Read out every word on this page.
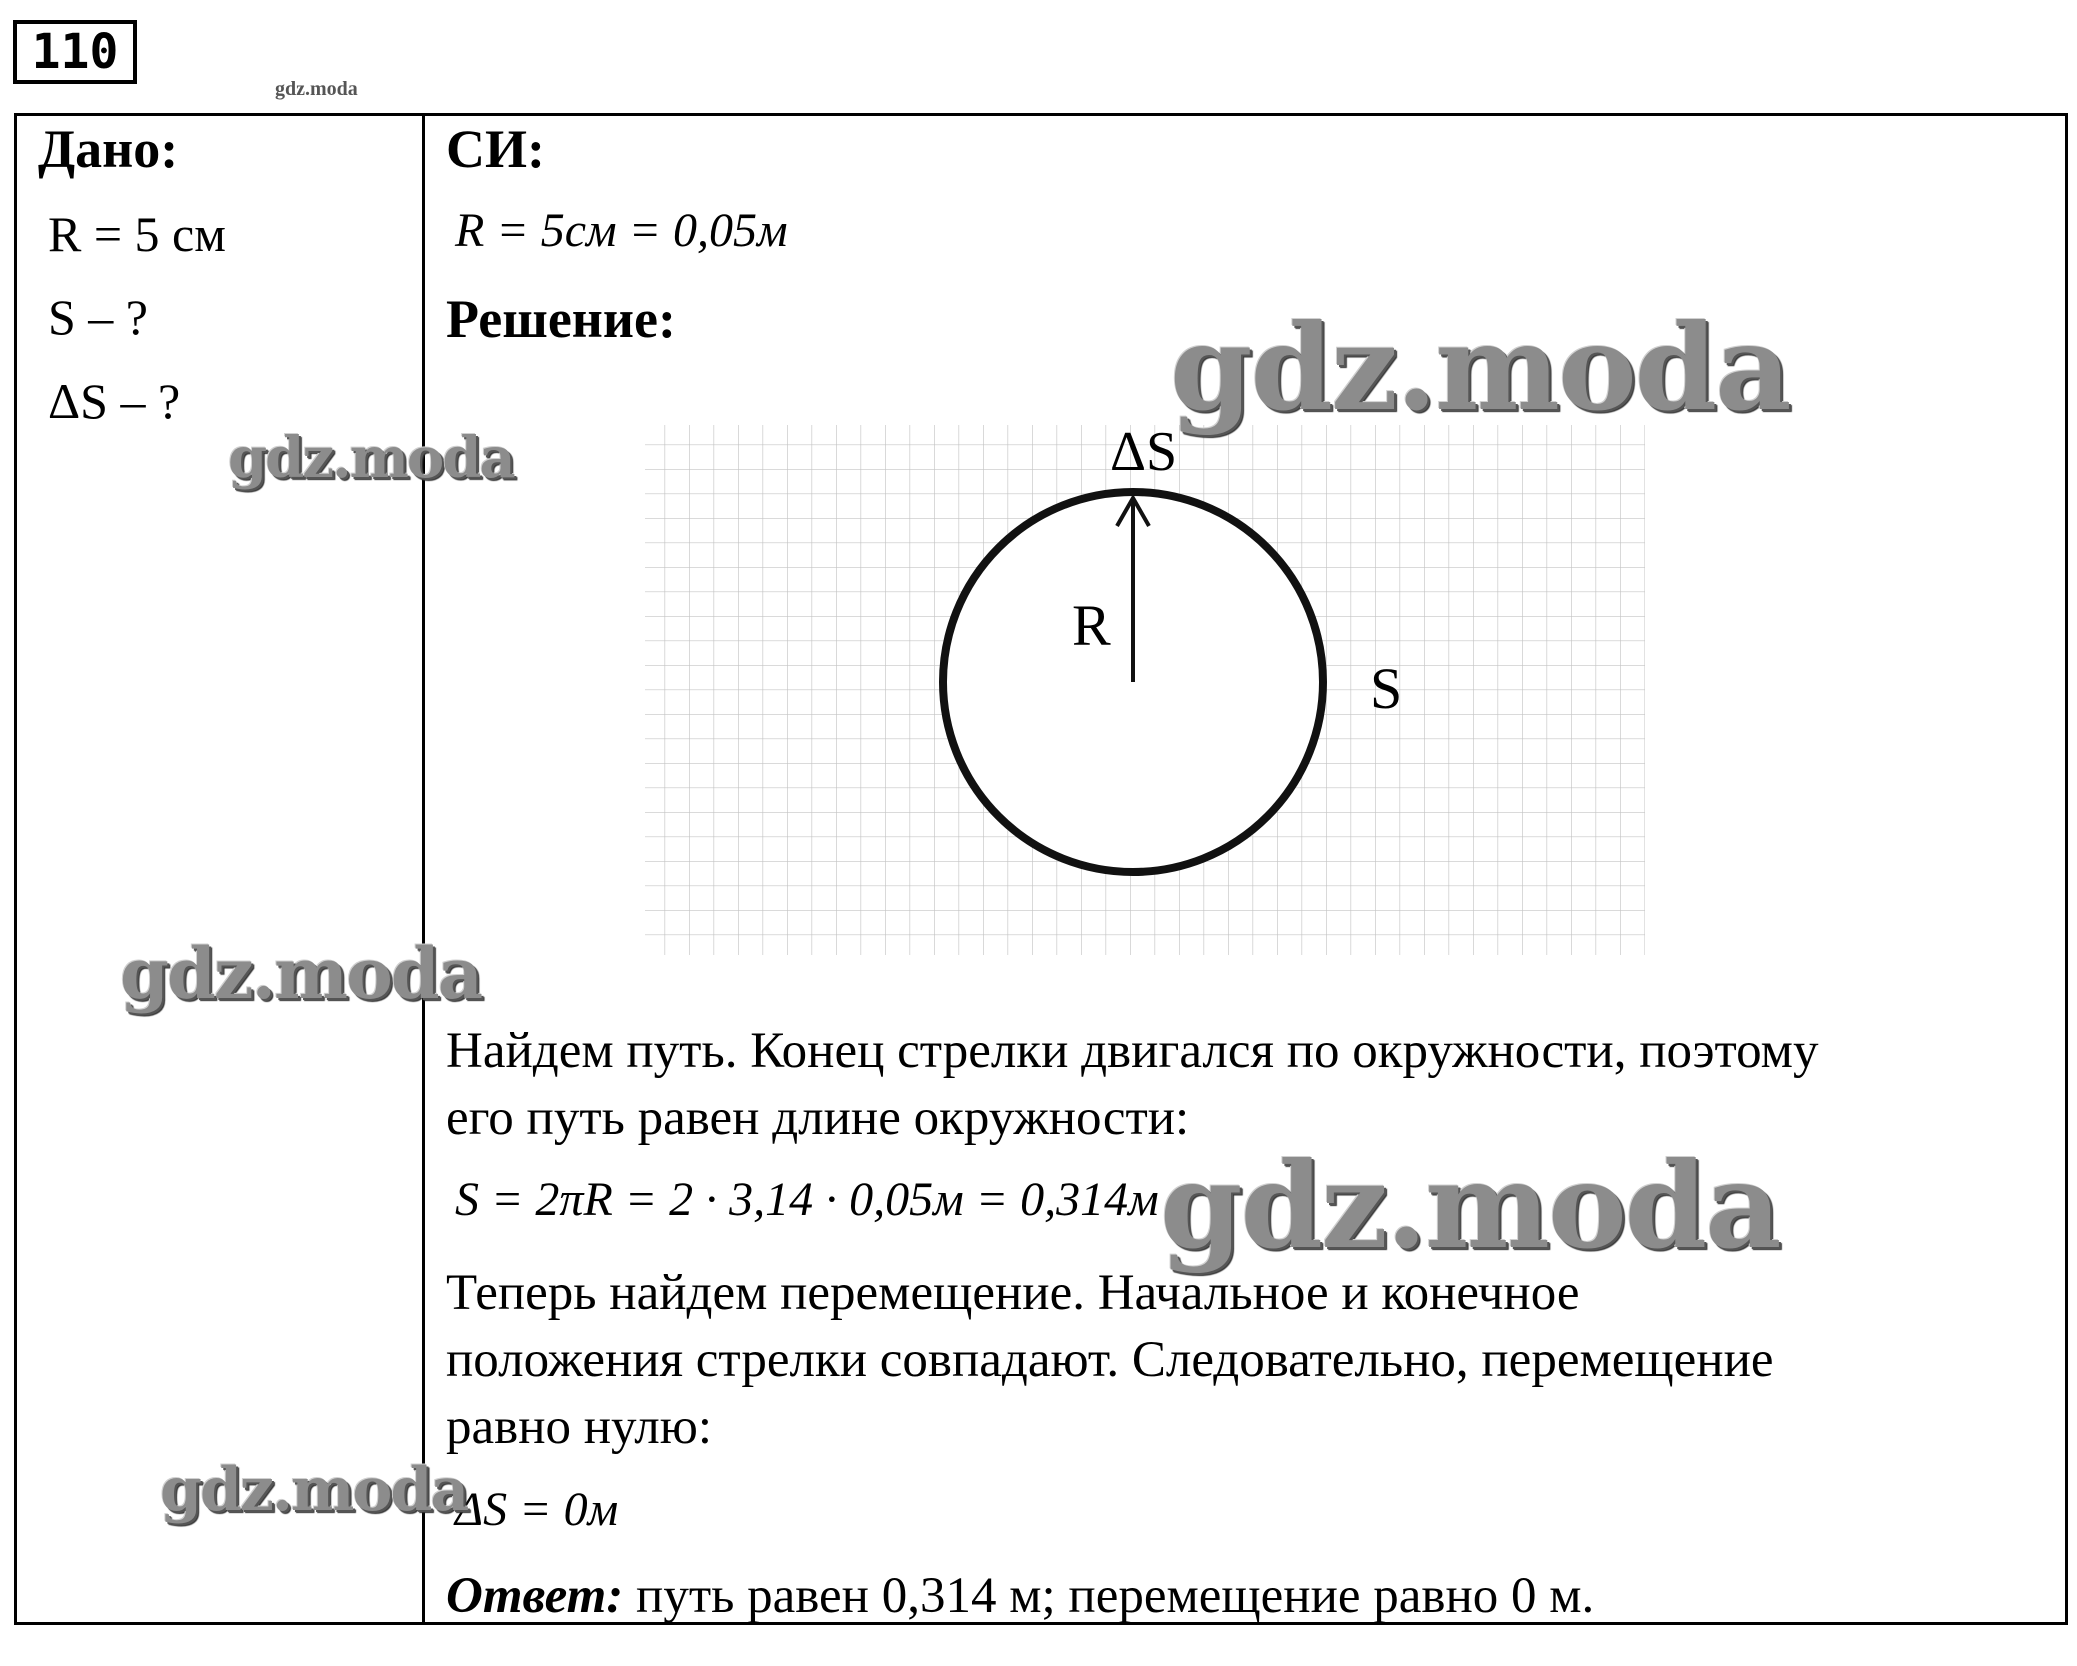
110
gdz.moda
Дано:
R = 5 см
S – ?
ΔS – ?
СИ:
R = 5см = 0,05м
Решение:
R
ΔS
S
Найдем путь. Конец стрелки двигался по окружности, поэтому
его путь равен длине окружности:
S = 2πR = 2 · 3,14 · 0,05м = 0,314м
Теперь найдем перемещение. Начальное и конечное
положения стрелки совпадают. Следовательно, перемещение
равно нулю:
ΔS = 0м
Ответ: путь равен 0,314 м; перемещение равно 0 м.
gdz.moda
gdz.moda
gdz.moda
gdz.moda
gdz.moda
